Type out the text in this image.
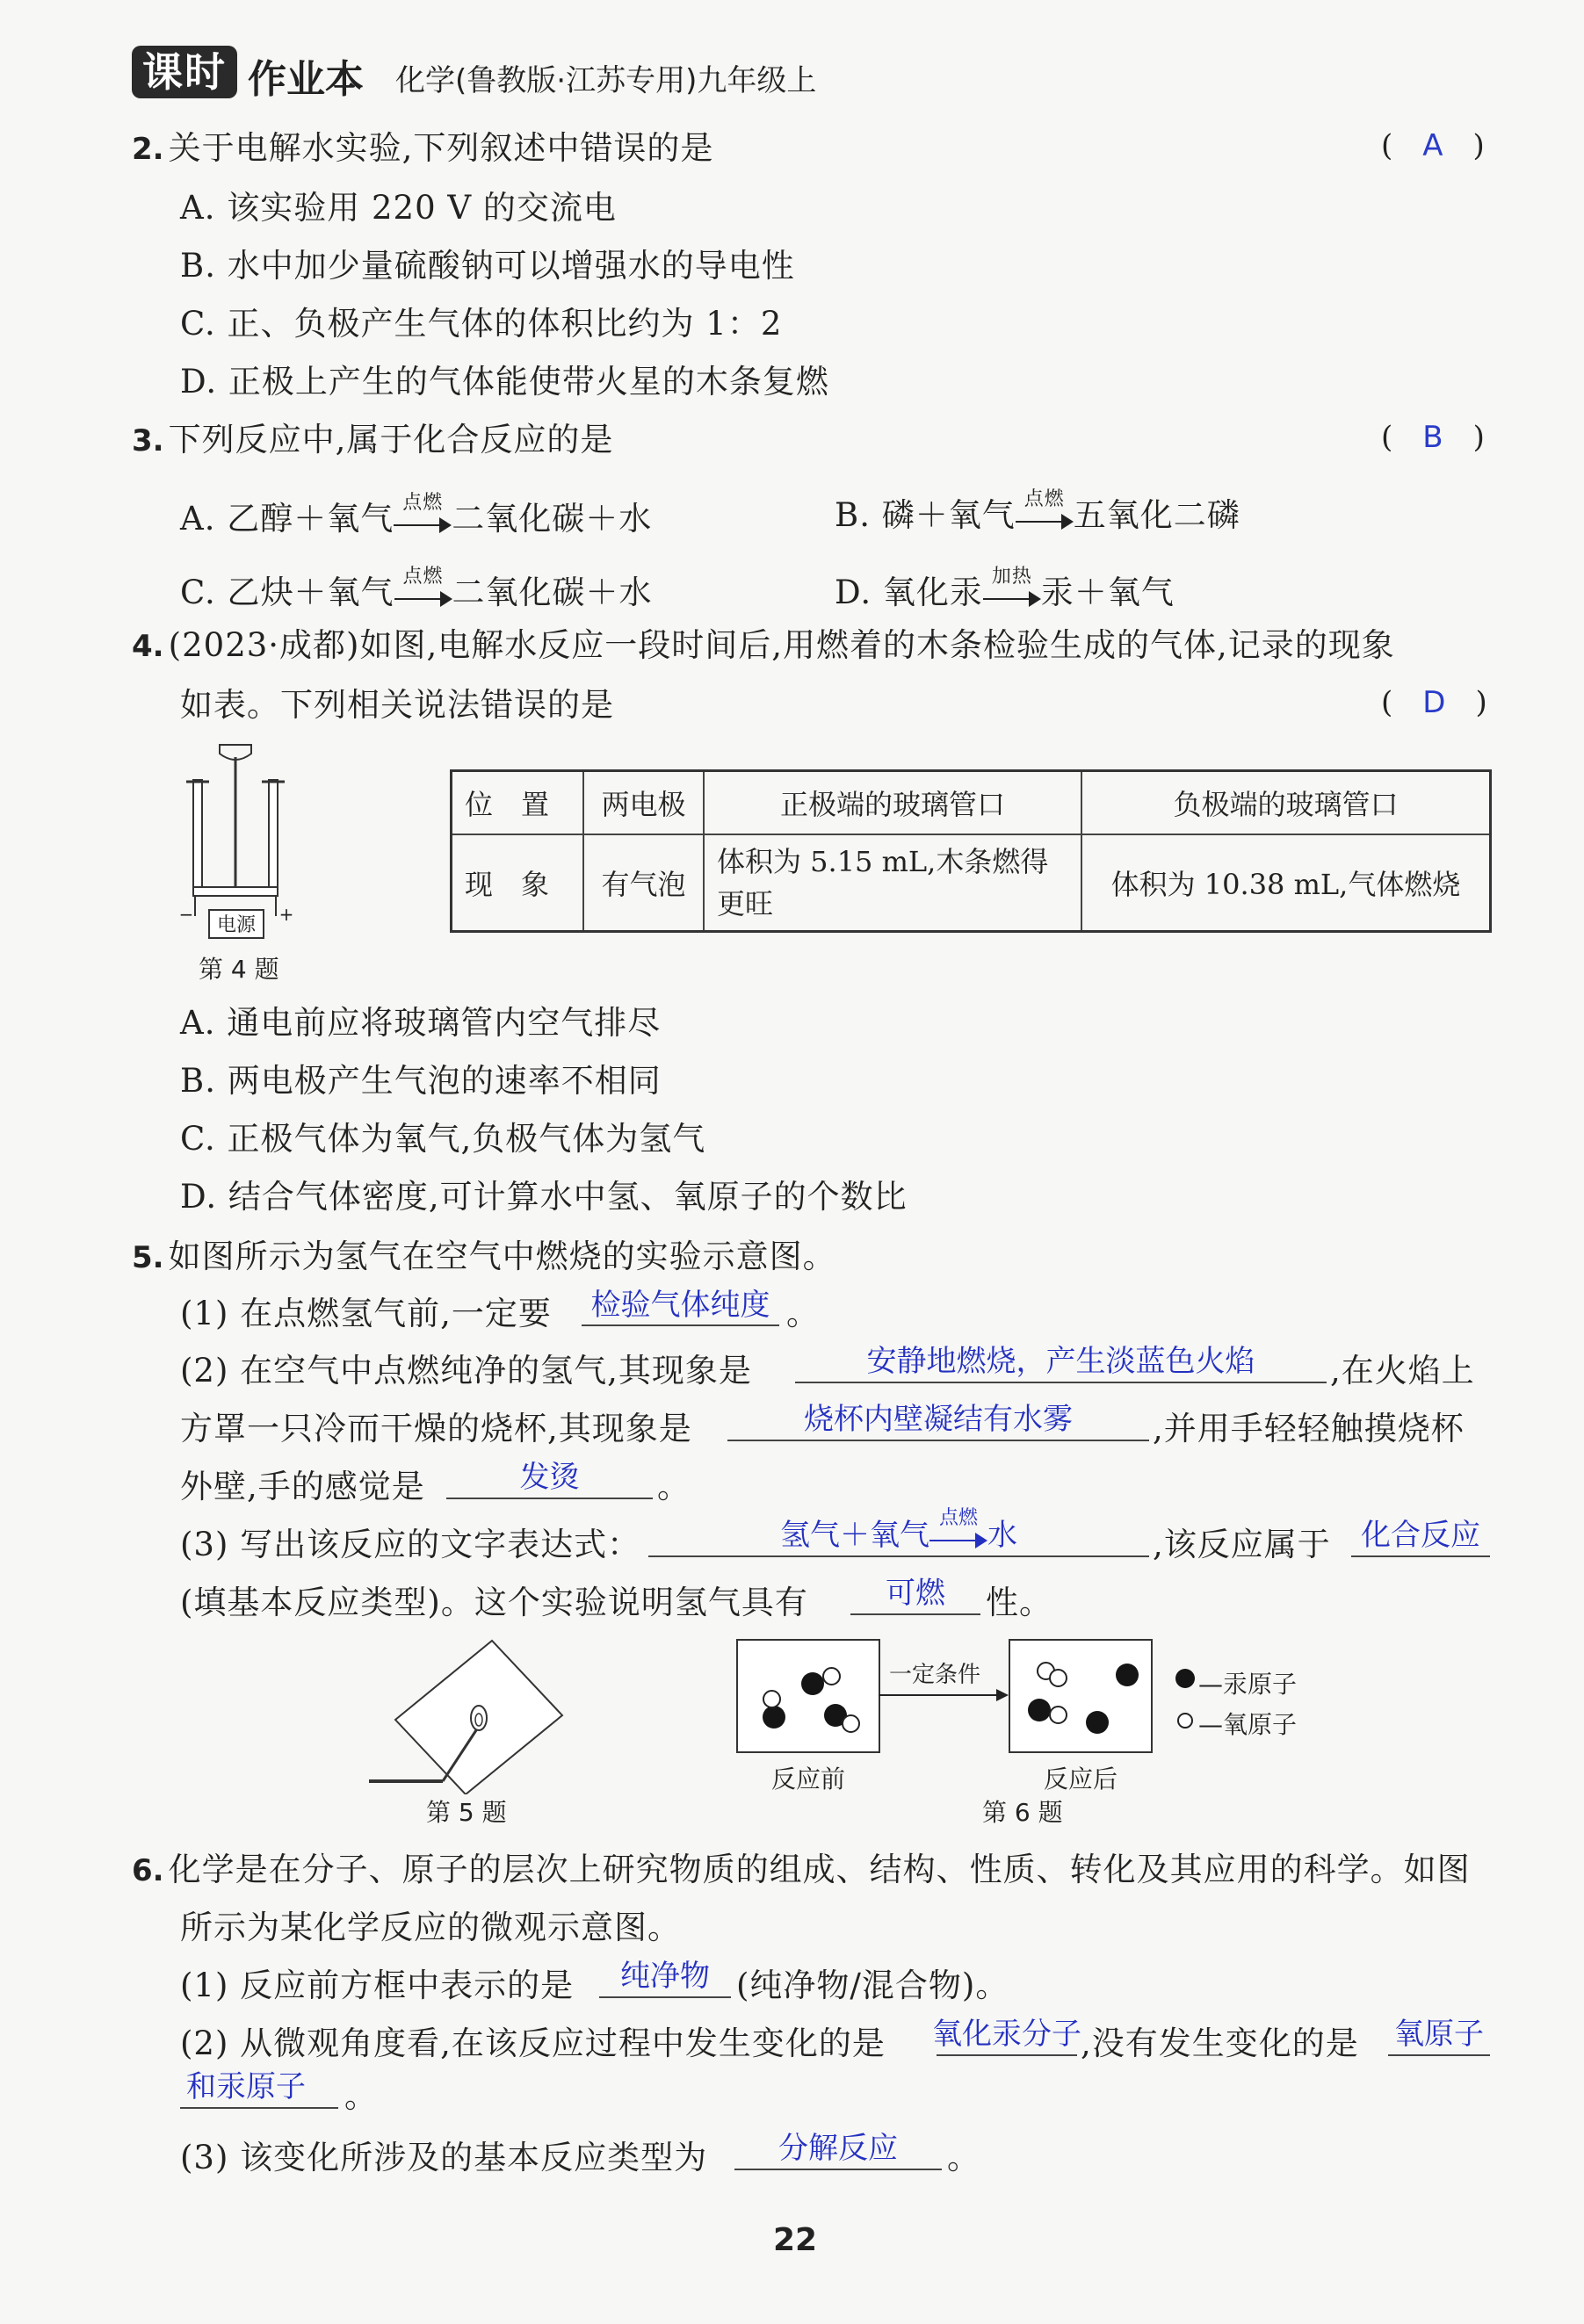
课时 作业本 化学(鲁教版·江苏专用)九年级上
2. 关于电解水实验,下列叙述中错误的是	(　A　)
A. 该实验用 220 V 的交流电
B. 水中加少量硫酸钠可以增强水的导电性
C. 正、负极产生气体的体积比约为 1：2
D. 正极上产生的气体能使带火星的木条复燃
3. 下列反应中,属于化合反应的是	(　B　)
A. 乙醇＋氧气 点燃 二氧化碳＋水	B. 磷＋氧气 点燃 五氧化二磷
C. 乙炔＋氧气 点燃 二氧化碳＋水	D. 氧化汞 加热 汞＋氧气
4. (2023·成都)如图,电解水反应一段时间后,用燃着的木条检验生成的气体,记录的现象
如表。下列相关说法错误的是	(　D　)
电源
−	+
第 4 题
位　置	两电极	正极端的玻璃管口	负极端的玻璃管口
现　象	有气泡	体积为 5.15 mL,木条燃得更旺	体积为 10.38 mL,气体燃烧
A. 通电前应将玻璃管内空气排尽
B. 两电极产生气泡的速率不相同
C. 正极气体为氧气,负极气体为氢气
D. 结合气体密度,可计算水中氢、氧原子的个数比
5. 如图所示为氢气在空气中燃烧的实验示意图。
(1) 在点燃氢气前,一定要	检验气体纯度 。
(2) 在空气中点燃纯净的氢气,其现象是	安静地燃烧，产生淡蓝色火焰	,在火焰上
方罩一只冷而干燥的烧杯,其现象是	烧杯内壁凝结有水雾	,并用手轻轻触摸烧杯
外壁,手的感觉是	发烫	。
(3) 写出该反应的文字表达式：	氢气＋氧气 点燃 水	,该反应属于	化合反应
(填基本反应类型)。这个实验说明氢气具有	可燃	性。
第 5 题
反应前
一定条件
反应后
—汞原子
—氧原子
第 6 题
6. 化学是在分子、原子的层次上研究物质的组成、结构、性质、转化及其应用的科学。如图
所示为某化学反应的微观示意图。
(1) 反应前方框中表示的是	纯净物 (纯净物/混合物)。
(2) 从微观角度看,在该反应过程中发生变化的是 氧化汞分子 ,没有发生变化的是	氧原子
和汞原子 。
(3) 该变化所涉及的基本反应类型为	分解反应	。
22
